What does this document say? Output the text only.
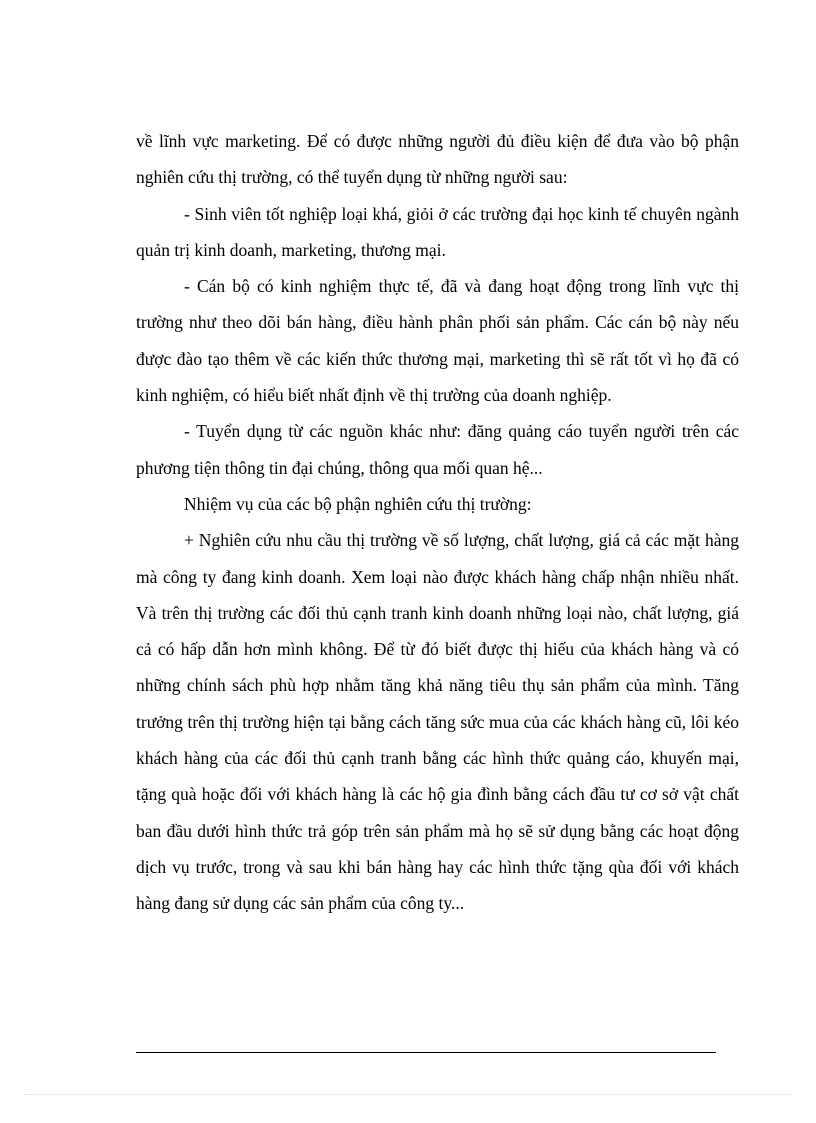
về lĩnh vực marketing. Để có được những người đủ điều kiện để đưa vào bộ phận nghiên cứu thị trường, có thể tuyển dụng từ những người sau:

- Sinh viên tốt nghiệp loại khá, giỏi ở các trường đại học kinh tế chuyên ngành quản trị kinh doanh, marketing, thương mại.

- Cán bộ có kinh nghiệm thực tế, đã và đang hoạt động trong lĩnh vực thị trường như theo dõi bán hàng, điều hành phân phối sản phẩm. Các cán bộ này nếu được đào tạo thêm về các kiến thức thương mại, marketing thì sẽ rất tốt vì họ đã có kinh nghiệm, có hiểu biết nhất định về thị trường của doanh nghiệp.

- Tuyển dụng từ các nguồn khác như: đăng quảng cáo tuyển người trên các phương tiện thông tin đại chúng, thông qua mối quan hệ...

Nhiệm vụ của các bộ phận nghiên cứu thị trường:

+ Nghiên cứu nhu cầu thị trường về số lượng, chất lượng, giá cả các mặt hàng mà công ty đang kinh doanh. Xem loại nào được khách hàng chấp nhận nhiều nhất. Và trên thị trường các đối thủ cạnh tranh kinh doanh những loại nào, chất lượng, giá cả có hấp dẫn hơn mình không. Để từ đó biết được thị hiếu của khách hàng và có những chính sách phù hợp nhằm tăng khả năng tiêu thụ sản phẩm của mình. Tăng trưởng trên thị trường hiện tại bằng cách tăng sức mua của các khách hàng cũ, lôi kéo khách hàng của các đối thủ cạnh tranh bằng các hình thức quảng cáo, khuyến mại, tặng quà hoặc đối với khách hàng là các hộ gia đình bằng cách đầu tư cơ sở vật chất ban đầu dưới hình thức trả góp trên sản phẩm mà họ sẽ sử dụng bằng các hoạt động dịch vụ trước, trong và sau khi bán hàng hay các hình thức tặng qùa đối với khách hàng đang sử dụng các sản phẩm của công ty...
